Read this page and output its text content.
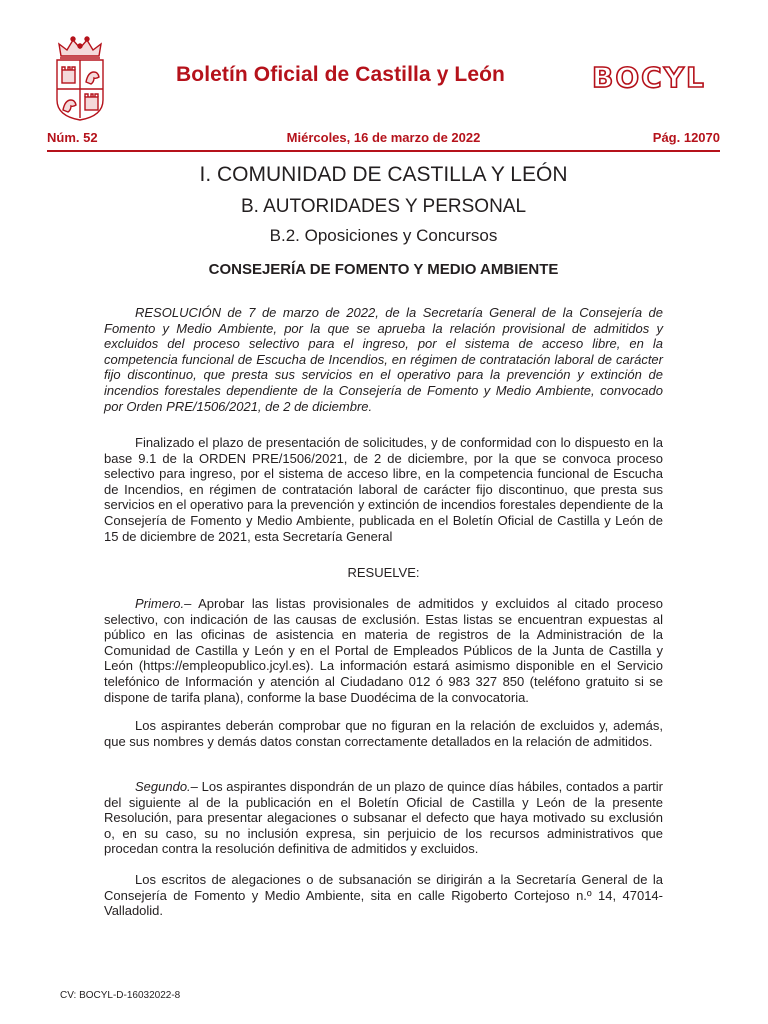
Boletín Oficial de Castilla y León	BOCYL
Núm. 52	Miércoles, 16 de marzo de 2022	Pág. 12070
I. COMUNIDAD DE CASTILLA Y LEÓN
B. AUTORIDADES Y PERSONAL
B.2. Oposiciones y Concursos
CONSEJERÍA DE FOMENTO Y MEDIO AMBIENTE

RESOLUCIÓN de 7 de marzo de 2022, de la Secretaría General de la Consejería de Fomento y Medio Ambiente, por la que se aprueba la relación provisional de admitidos y excluidos del proceso selectivo para el ingreso, por el sistema de acceso libre, en la competencia funcional de Escucha de Incendios, en régimen de contratación laboral de carácter fijo discontinuo, que presta sus servicios en el operativo para la prevención y extinción de incendios forestales dependiente de la Consejería de Fomento y Medio Ambiente, convocado por Orden PRE/1506/2021, de 2 de diciembre.

Finalizado el plazo de presentación de solicitudes, y de conformidad con lo dispuesto en la base 9.1 de la ORDEN PRE/1506/2021, de 2 de diciembre, por la que se convoca proceso selectivo para ingreso, por el sistema de acceso libre, en la competencia funcional de Escucha de Incendios, en régimen de contratación laboral de carácter fijo discontinuo, que presta sus servicios en el operativo para la prevención y extinción de incendios forestales dependiente de la Consejería de Fomento y Medio Ambiente, publicada en el Boletín Oficial de Castilla y León de 15 de diciembre de 2021, esta Secretaría General

RESUELVE:

Primero.– Aprobar las listas provisionales de admitidos y excluidos al citado proceso selectivo, con indicación de las causas de exclusión. Estas listas se encuentran expuestas al público en las oficinas de asistencia en materia de registros de la Administración de la Comunidad de Castilla y León y en el Portal de Empleados Públicos de la Junta de Castilla y León (https://empleopublico.jcyl.es). La información estará asimismo disponible en el Servicio telefónico de Información y atención al Ciudadano 012 ó 983 327 850 (teléfono gratuito si se dispone de tarifa plana), conforme la base Duodécima de la convocatoria.

Los aspirantes deberán comprobar que no figuran en la relación de excluidos y, además, que sus nombres y demás datos constan correctamente detallados en la relación de admitidos.

Segundo.– Los aspirantes dispondrán de un plazo de quince días hábiles, contados a partir del siguiente al de la publicación en el Boletín Oficial de Castilla y León de la presente Resolución, para presentar alegaciones o subsanar el defecto que haya motivado su exclusión o, en su caso, su no inclusión expresa, sin perjuicio de los recursos administrativos que procedan contra la resolución definitiva de admitidos y excluidos.

Los escritos de alegaciones o de subsanación se dirigirán a la Secretaría General de la Consejería de Fomento y Medio Ambiente, sita en calle Rigoberto Cortejoso n.º 14, 47014-Valladolid.

CV: BOCYL-D-16032022-8
